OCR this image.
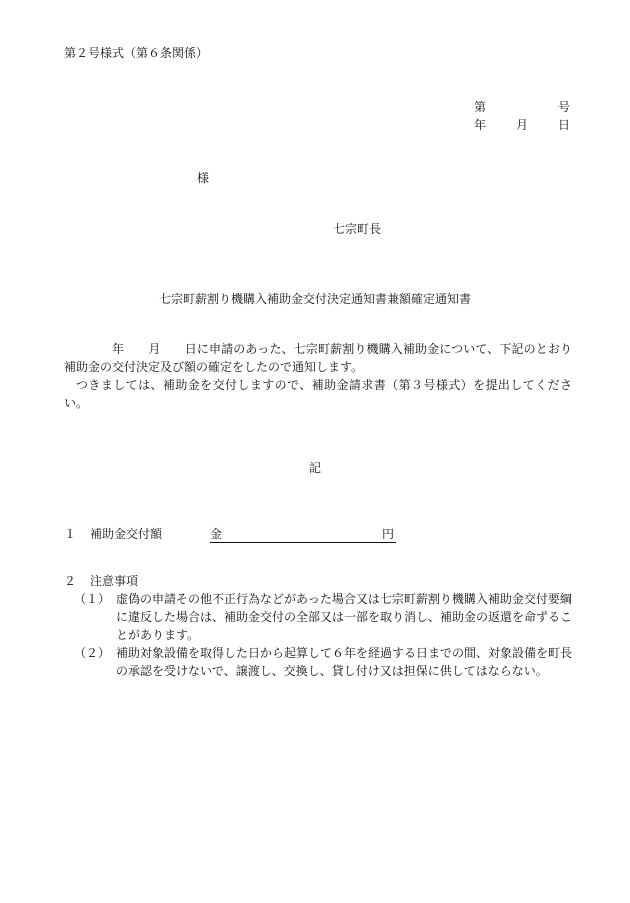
第２号様式（第６条関係）
第	号
年 月 日
様
七宗町長
七宗町薪割り機購入補助金交付決定通知書兼額確定通知書

年　　月　　日に申請のあった、七宗町薪割り機購入補助金について、下記のとおり補助金の交付決定及び額の確定をしたので通知します。

つきましては、補助金を交付しますので、補助金請求書（第３号様式）を提出してください。

記
１ 補助金交付額	金	円
２ 注意事項
（１） 虚偽の申請その他不正行為などがあった場合又は七宗町薪割り機購入補助金交付要綱に違反した場合は、補助金交付の全部又は一部を取り消し、補助金の返還を命ずることがあります。

（２） 補助対象設備を取得した日から起算して６年を経過する日までの間、対象設備を町長の承認を受けないで、譲渡し、交換し、貸し付け又は担保に供してはならない。
